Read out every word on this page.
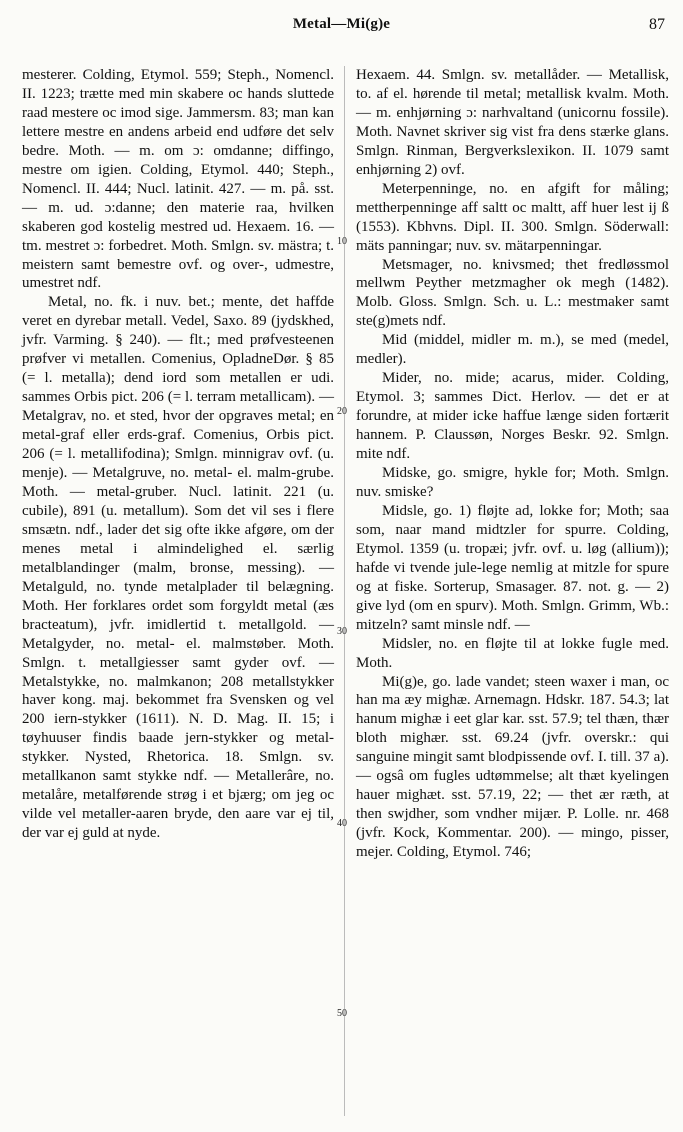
Metal—Mi(g)e	87
10
20
30
40
50

mesterer. Colding, Etymol. 559; Steph., Nomencl. II. 1223; trætte med min skabere oc hands sluttede raad mestere oc imod sige. Jammersm. 83; man kan lettere mestre en andens arbeid end udføre det selv bedre. Moth. — m. om ɔ: omdanne; diffingo, mestre om igien. Colding, Etymol. 440; Steph., Nomencl. II. 444; Nucl. latinit. 427. — m. på. sst. — m. ud. ɔ:danne; den materie raa, hvilken skaberen god kostelig mestred ud. Hexaem. 16. — tm. mestret ɔ: forbedret. Moth. Smlgn. sv. mästra; t. meistern samt bemestre ovf. og over-, udmestre, umestret ndf.

Metal, no. fk. i nuv. bet.; mente, det haffde veret en dyrebar metall. Vedel, Saxo. 89 (jydskhed, jvfr. Varming. § 240). — flt.; med prøfvesteenen prøfver vi metallen. Comenius, OpladneDør. § 85 (= l. metalla); dend iord som metallen er udi. sammes Orbis pict. 206 (= l. terram metallicam). — Metalgrav, no. et sted, hvor der opgraves metal; en metal-graf eller erds-graf. Comenius, Orbis pict. 206 (= l. metallifodina); Smlgn. minnigrav ovf. (u. menje). — Metalgruve, no. metal- el. malm-grube. Moth. — metal-gruber. Nucl. latinit. 221 (u. cubile), 891 (u. metallum). Som det vil ses i flere smsætn. ndf., lader det sig ofte ikke afgøre, om der menes metal i almindelighed el. særlig metalblandinger (malm, bronse, messing). — Metalguld, no. tynde metalplader til belægning. Moth. Her forklares ordet som forgyldt metal (æs bracteatum), jvfr. imidlertid t. metallgold. — Metalgyder, no. metal- el. malmstøber. Moth. Smlgn. t. metallgiesser samt gyder ovf. — Metalstykke, no. malmkanon; 208 metallstykker haver kong. maj. bekommet fra Svensken og vel 200 iern-stykker (1611). N. D. Mag. II. 15; i tøyhuuser findis baade jern-stykker og metal-stykker. Nysted, Rhetorica. 18. Smlgn. sv. metallkanon samt stykke ndf. — Metallerâre, no. metalåre, metalførende strøg i et bjærg; om jeg oc vilde vel metaller-aaren bryde, den aare var ej til, der var ej guld at nyde.

Hexaem. 44. Smlgn. sv. metallåder. — Metallisk, to. af el. hørende til metal; metallisk kvalm. Moth. — m. enhjørning ɔ: narhvaltand (unicornu fossile). Moth. Navnet skriver sig vist fra dens stærke glans. Smlgn. Rinman, Bergverkslexikon. II. 1079 samt enhjørning 2) ovf.

Meterpenninge, no. en afgift for måling; mettherpenninge aff saltt oc maltt, aff huer lest ij ß (1553). Kbhvns. Dipl. II. 300. Smlgn. Söderwall: mäts panningar; nuv. sv. mätarpenningar.

Metsmager, no. knivsmed; thet fredløssmol mellwm Peyther metzmagher ok megh (1482). Molb. Gloss. Smlgn. Sch. u. L.: mestmaker samt ste(g)mets ndf.

Mid (middel, midler m. m.), se med (medel, medler).

Mider, no. mide; acarus, mider. Colding, Etymol. 3; sammes Dict. Herlov. — det er at forundre, at mider icke haffue længe siden fortærit hannem. P. Claussøn, Norges Beskr. 92. Smlgn. mite ndf.

Midske, go. smigre, hykle for; Moth. Smlgn. nuv. smiske?

Midsle, go. 1) fløjte ad, lokke for; Moth; saa som, naar mand midtzler for spurre. Colding, Etymol. 1359 (u. tropæi; jvfr. ovf. u. løg (allium)); hafde vi tvende jule-lege nemlig at mitzle for spure og at fiske. Sorterup, Smasager. 87. not. g. — 2) give lyd (om en spurv). Moth. Smlgn. Grimm, Wb.: mitzeln? samt minsle ndf. —

Midsler, no. en fløjte til at lokke fugle med. Moth.

Mi(g)e, go. lade vandet; steen waxer i man, oc han ma æy mighæ. Arnemagn. Hdskr. 187. 54.3; lat hanum mighæ i eet glar kar. sst. 57.9; tel thæn, thær bloth mighær. sst. 69.24 (jvfr. overskr.: qui sanguine mingit samt blodpissende ovf. I. till. 37 a). — ogsâ om fugles udtømmelse; alt thæt kyelingen hauer mighæt. sst. 57.19, 22; — thet ær ræth, at then swjdher, som vndher mijær. P. Lolle. nr. 468 (jvfr. Kock, Kommentar. 200). — mingo, pisser, mejer. Colding, Etymol. 746;
